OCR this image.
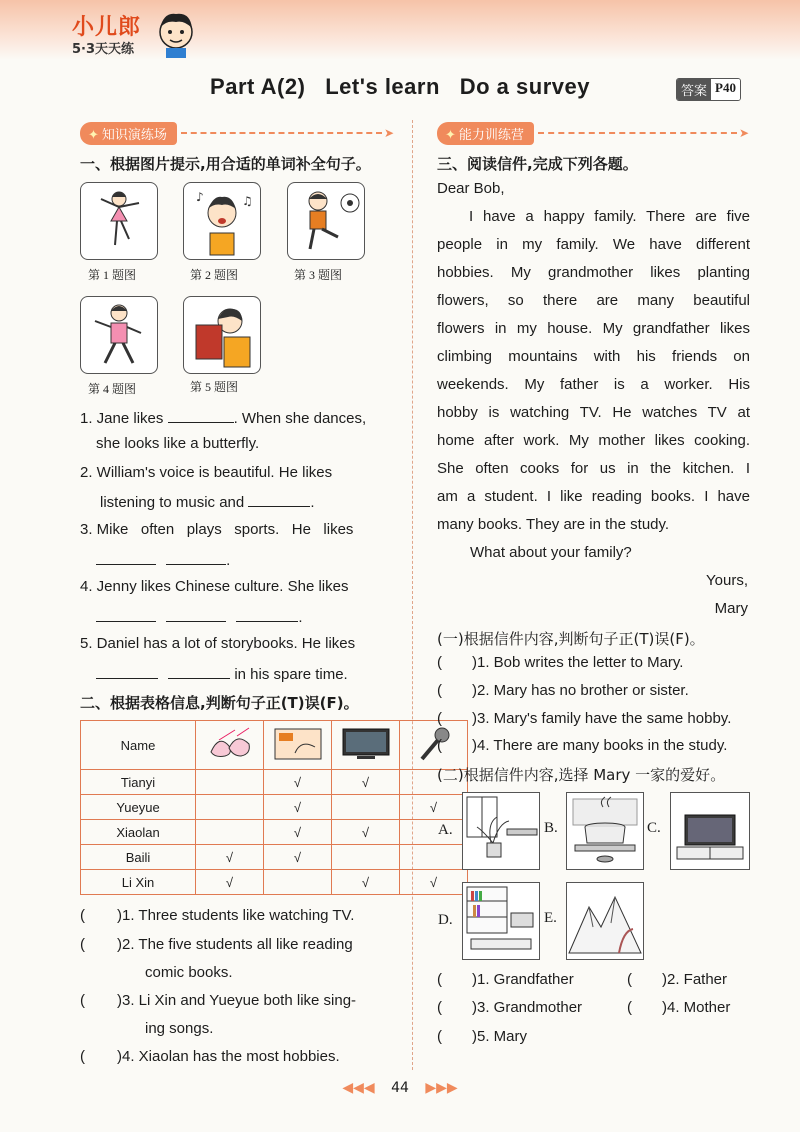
小儿郎
5·3天天练
Part A(2)   Let's learn   Do a survey	答案 P40
✦ 知识演练场	➤
一、根据图片提示,用合适的单词补全句子。
第 1 题图
♪	♫
第 2 题图	第 3 题图
第 4 题图	第 5 题图
1. Jane likes	. When she dances,
she looks like a butterfly.
2. William's voice is beautiful. He likes
listening to music and	.
3. Mike   often   plays   sports.   He   likes
.
4. Jenny likes Chinese culture. She likes
.
5. Daniel has a lot of storybooks. He likes
in his spare time.
二、根据表格信息,判断句子正(T)误(F)。
Name				
Tianyi		√	√	
Yueyue		√		√
Xiaolan		√	√	
Baili	√	√		
Li Xin	√		√	√
( )1. Three students like watching TV.
( )2. The five students all like reading
comic books.
( )3. Li Xin and Yueyue both like sing-
ing songs.
( )4. Xiaolan has the most hobbies.
✦ 能力训练营	➤
三、阅读信件,完成下列各题。
Dear Bob,
I have a happy family. There are five
people in my family. We have different
hobbies. My grandmother likes planting
flowers, so there are many beautiful
flowers in my house. My grandfather likes
climbing mountains with his friends on
weekends. My father is a worker. His
hobby is watching TV. He watches TV at
home after work. My mother likes cooking.
She often cooks for us in the kitchen. I
am a student. I like reading books. I have
many books. They are in the study.
What about your family?
Yours,
Mary
(一)根据信件内容,判断句子正(T)误(F)。
( )1. Bob writes the letter to Mary.
( )2. Mary has no brother or sister.
( )3. Mary's family have the same hobby.
( )4. There are many books in the study.
(二)根据信件内容,选择 Mary 一家的爱好。
A.	B.	C.
D.	E.
( )1. Grandfather	( )2. Father
( )3. Grandmother	( )4. Mother
( )5. Mary
◀◀◀ 44 ▶▶▶
